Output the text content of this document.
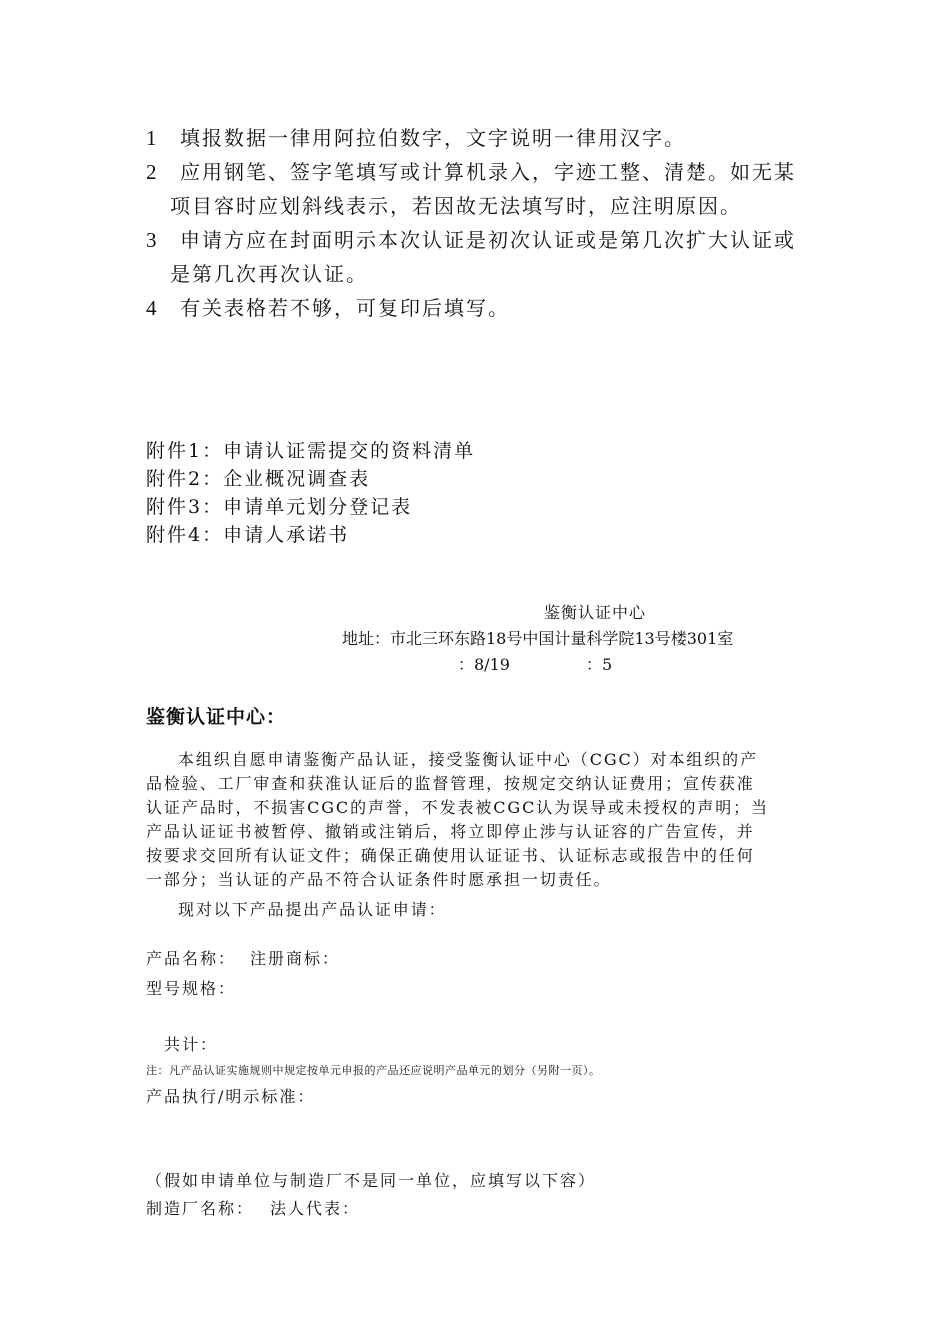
1 填报数据一律用阿拉伯数字，文字说明一律用汉字。
2 应用钢笔、签字笔填写或计算机录入，字迹工整、清楚。如无某
项目容时应划斜线表示，若因故无法填写时，应注明原因。
3 申请方应在封面明示本次认证是初次认证或是第几次扩大认证或
是第几次再次认证。
4 有关表格若不够，可复印后填写。
附件1：申请认证需提交的资料清单
附件2：企业概况调查表
附件3：申请单元划分登记表
附件4：申请人承诺书
鉴衡认证中心
地址：市北三环东路18号中国计量科学院13号楼301室
：8/19	：5
鉴衡认证中心：
本组织自愿申请鉴衡产品认证，接受鉴衡认证中心（CGC）对本组织的产
品检验、工厂审查和获准认证后的监督管理，按规定交纳认证费用；宣传获准
认证产品时，不损害CGC的声誉，不发表被CGC认为误导或未授权的声明；当
产品认证证书被暂停、撤销或注销后，将立即停止涉与认证容的广告宣传，并
按要求交回所有认证文件；确保正确使用认证证书、认证标志或报告中的任何
一部分；当认证的产品不符合认证条件时愿承担一切责任。
现对以下产品提出产品认证申请：
产品名称： 注册商标：
型号规格：
共计：
注：凡产品认证实施规则中规定按单元申报的产品还应说明产品单元的划分（另附一页）。
产品执行/明示标准：
（假如申请单位与制造厂不是同一单位，应填写以下容）
制造厂名称： 法人代表：
